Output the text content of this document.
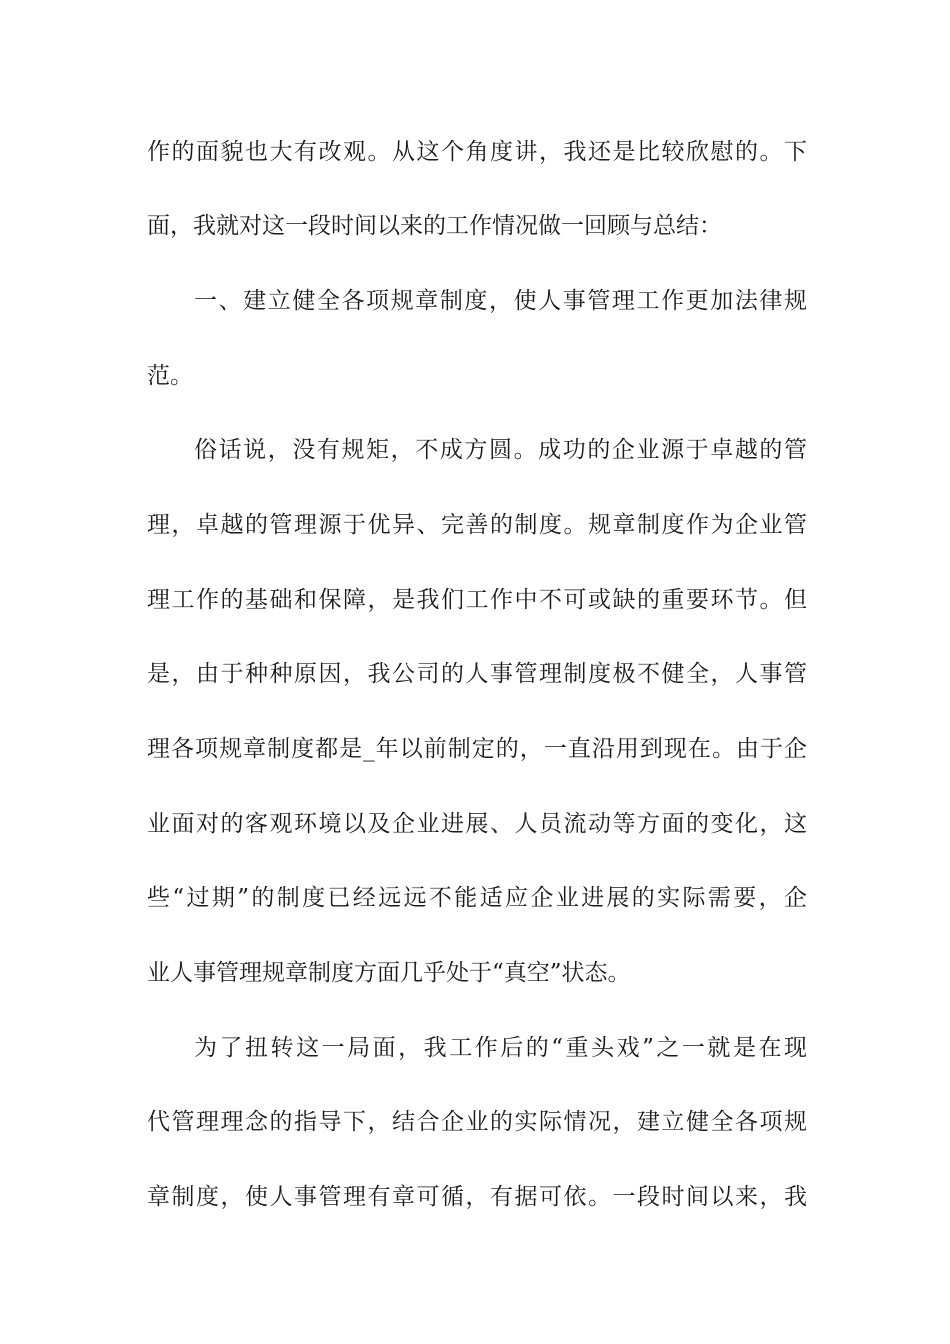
作的面貌也大有改观。从这个角度讲，我还是比较欣慰的。下
面，我就对这一段时间以来的工作情况做一回顾与总结：
一、建立健全各项规章制度，使人事管理工作更加法律规
范。
俗话说，没有规矩，不成方圆。成功的企业源于卓越的管
理，卓越的管理源于优异、完善的制度。规章制度作为企业管
理工作的基础和保障，是我们工作中不可或缺的重要环节。但
是，由于种种原因，我公司的人事管理制度极不健全，人事管
理各项规章制度都是_年以前制定的，一直沿用到现在。由于企
业面对的客观环境以及企业进展、人员流动等方面的变化，这
些“过期”的制度已经远远不能适应企业进展的实际需要，企
业人事管理规章制度方面几乎处于“真空”状态。
为了扭转这一局面，我工作后的“重头戏”之一就是在现
代管理理念的指导下，结合企业的实际情况，建立健全各项规
章制度，使人事管理有章可循，有据可依。一段时间以来，我
